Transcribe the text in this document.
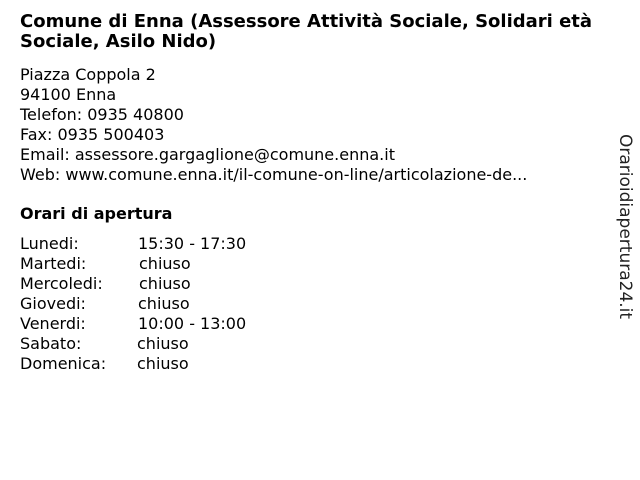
Comune di Enna (Assessore Attività Sociale, Solidari età Sociale, Asilo Nido)
Piazza Coppola 2
94100 Enna
Telefon: 0935 40800
Fax: 0935 500403
Email: assessore.gargaglione@comune.enna.it
Web: www.comune.enna.it/il-comune-on-line/articolazione-de...
Orari di apertura
Lunedi:	15:30 - 17:30
Martedi:	chiuso
Mercoledi: chiuso
Giovedi:	chiuso
Venerdi:	10:00 - 13:00
Sabato:	chiuso
Domenica: chiuso
Orarioidiapertura24.it
